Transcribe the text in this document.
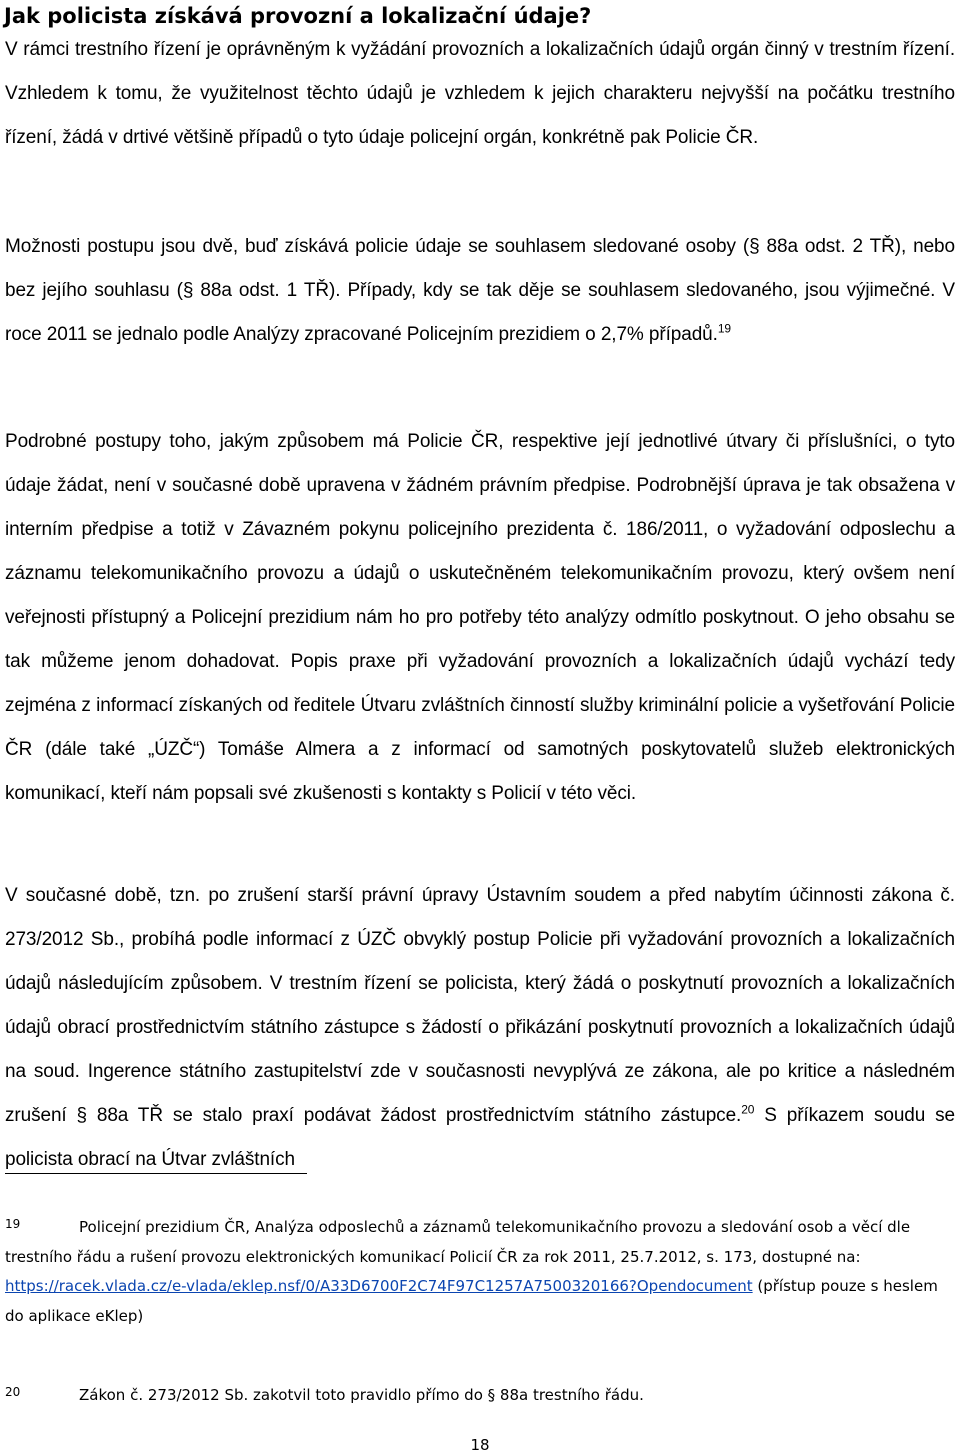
Jak policista získává provozní a lokalizační údaje?

V rámci trestního řízení je oprávněným k vyžádání provozních a lokalizačních údajů orgán činný v trestním řízení. Vzhledem k tomu, že využitelnost těchto údajů je vzhledem k jejich charakteru nejvyšší na počátku trestního řízení, žádá v drtivé většině případů o tyto údaje policejní orgán, konkrétně pak Policie ČR.

Možnosti postupu jsou dvě, buď získává policie údaje se souhlasem sledované osoby (§ 88a odst. 2 TŘ), nebo bez jejího souhlasu (§ 88a odst. 1 TŘ). Případy, kdy se tak děje se souhlasem sledovaného, jsou výjimečné. V roce 2011 se jednalo podle Analýzy zpracované Policejním prezidiem o 2,7% případů.$^{19}$

Podrobné postupy toho, jakým způsobem má Policie ČR, respektive její jednotlivé útvary či příslušníci, o tyto údaje žádat, není v současné době upravena v žádném právním předpise. Podrobnější úprava je tak obsažena v interním předpise a totiž v Závazném pokynu policejního prezidenta č. 186/2011, o vyžadování odposlechu a záznamu telekomunikačního provozu a údajů o uskutečněném telekomunikačním provozu, který ovšem není veřejnosti přístupný a Policejní prezidium nám ho pro potřeby této analýzy odmítlo poskytnout. O jeho obsahu se tak můžeme jenom dohadovat. Popis praxe při vyžadování provozních a lokalizačních údajů vychází tedy zejména z informací získaných od ředitele Útvaru zvláštních činností služby kriminální policie a vyšetřování Policie ČR (dále také „ÚZČ“) Tomáše Almera a z informací od samotných poskytovatelů služeb elektronických komunikací, kteří nám popsali své zkušenosti s kontakty s Policií v této věci.

V současné době, tzn. po zrušení starší právní úpravy Ústavním soudem a před nabytím účinnosti zákona č. 273/2012 Sb., probíhá podle informací z ÚZČ obvyklý postup Policie při vyžadování provozních a lokalizačních údajů následujícím způsobem. V trestním řízení se policista, který žádá o poskytnutí provozních a lokalizačních údajů obrací prostřednictvím státního zástupce s žádostí o přikázání poskytnutí provozních a lokalizačních údajů na soud. Ingerence státního zastupitelství zde v současnosti nevyplývá ze zákona, ale po kritice a následném zrušení § 88a TŘ se stalo praxí podávat žádost prostřednictvím státního zástupce.$^{20}$ S příkazem soudu se policista obrací na Útvar zvláštních

19	Policejní prezidium ČR, Analýza odposlechů a záznamů telekomunikačního provozu a sledování osob a věcí dle trestního řádu a rušení provozu elektronických komunikací Policií ČR za rok 2011, 25.7.2012, s. 173, dostupné na: https://racek.vlada.cz/e-vlada/eklep.nsf/0/A33D6700F2C74F97C1257A7500320166?Opendocument (přístup pouze s heslem do aplikace eKlep)

20	Zákon č. 273/2012 Sb. zakotvil toto pravidlo přímo do § 88a trestního řádu.

18
